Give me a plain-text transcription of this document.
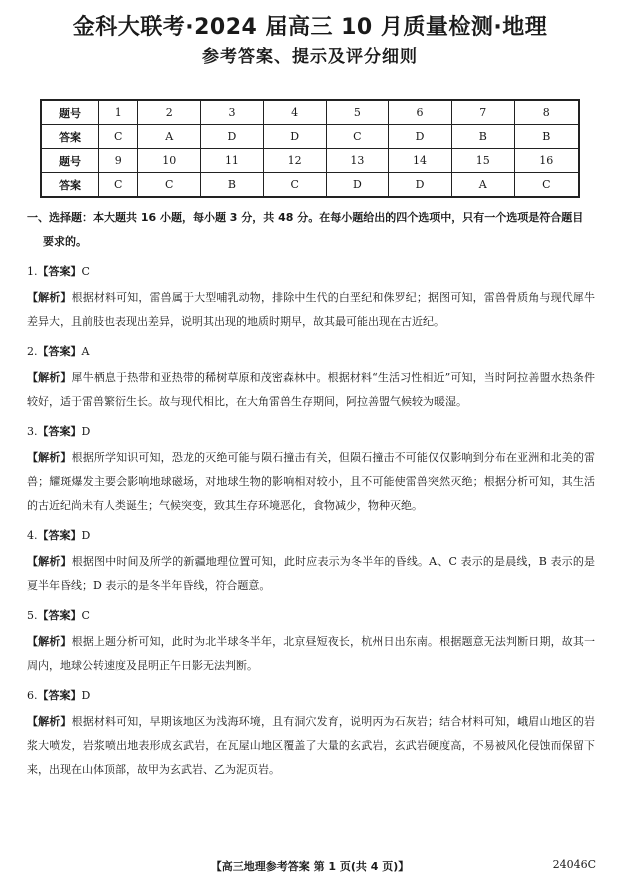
金科大联考·2024 届高三 10 月质量检测·地理
参考答案、提示及评分细则
题号	1	2	3	4	5	6	7	8
答案	C	A	D	D	C	D	B	B
题号	9	10	11	12	13	14	15	16
答案	C	C	B	C	D	D	A	C

一、选择题：本大题共 16 小题，每小题 3 分，共 48 分。在每小题给出的四个选项中，只有一个选项是符合题目
要求的。

1.【答案】C

【解析】根据材料可知，雷兽属于大型哺乳动物，排除中生代的白垩纪和侏罗纪；据图可知，雷兽骨质角与现代犀牛差异大，且前肢也表现出差异，说明其出现的地质时期早，故其最可能出现在古近纪。

2.【答案】A

【解析】犀牛栖息于热带和亚热带的稀树草原和茂密森林中。根据材料“生活习性相近”可知，当时阿拉善盟水热条件较好，适于雷兽繁衍生长。故与现代相比，在大角雷兽生存期间，阿拉善盟气候较为暖湿。

3.【答案】D

【解析】根据所学知识可知，恐龙的灭绝可能与陨石撞击有关，但陨石撞击不可能仅仅影响到分布在亚洲和北美的雷兽；耀斑爆发主要会影响地球磁场，对地球生物的影响相对较小，且不可能使雷兽突然灭绝；根据分析可知，其生活的古近纪尚未有人类诞生；气候突变，致其生存环境恶化，食物减少，物种灭绝。

4.【答案】D

【解析】根据图中时间及所学的新疆地理位置可知，此时应表示为冬半年的昏线。A、C 表示的是晨线，B 表示的是夏半年昏线；D 表示的是冬半年昏线，符合题意。

5.【答案】C

【解析】根据上题分析可知，此时为北半球冬半年，北京昼短夜长，杭州日出东南。根据题意无法判断日期，故其一周内，地球公转速度及昆明正午日影无法判断。

6.【答案】D

【解析】根据材料可知，早期该地区为浅海环境，且有洞穴发育，说明丙为石灰岩；结合材料可知，峨眉山地区的岩浆大喷发，岩浆喷出地表形成玄武岩，在瓦屋山地区覆盖了大量的玄武岩，玄武岩硬度高，不易被风化侵蚀而保留下来，出现在山体顶部，故甲为玄武岩、乙为泥页岩。

【高三地理参考答案 第 1 页(共 4 页)】	24046C
